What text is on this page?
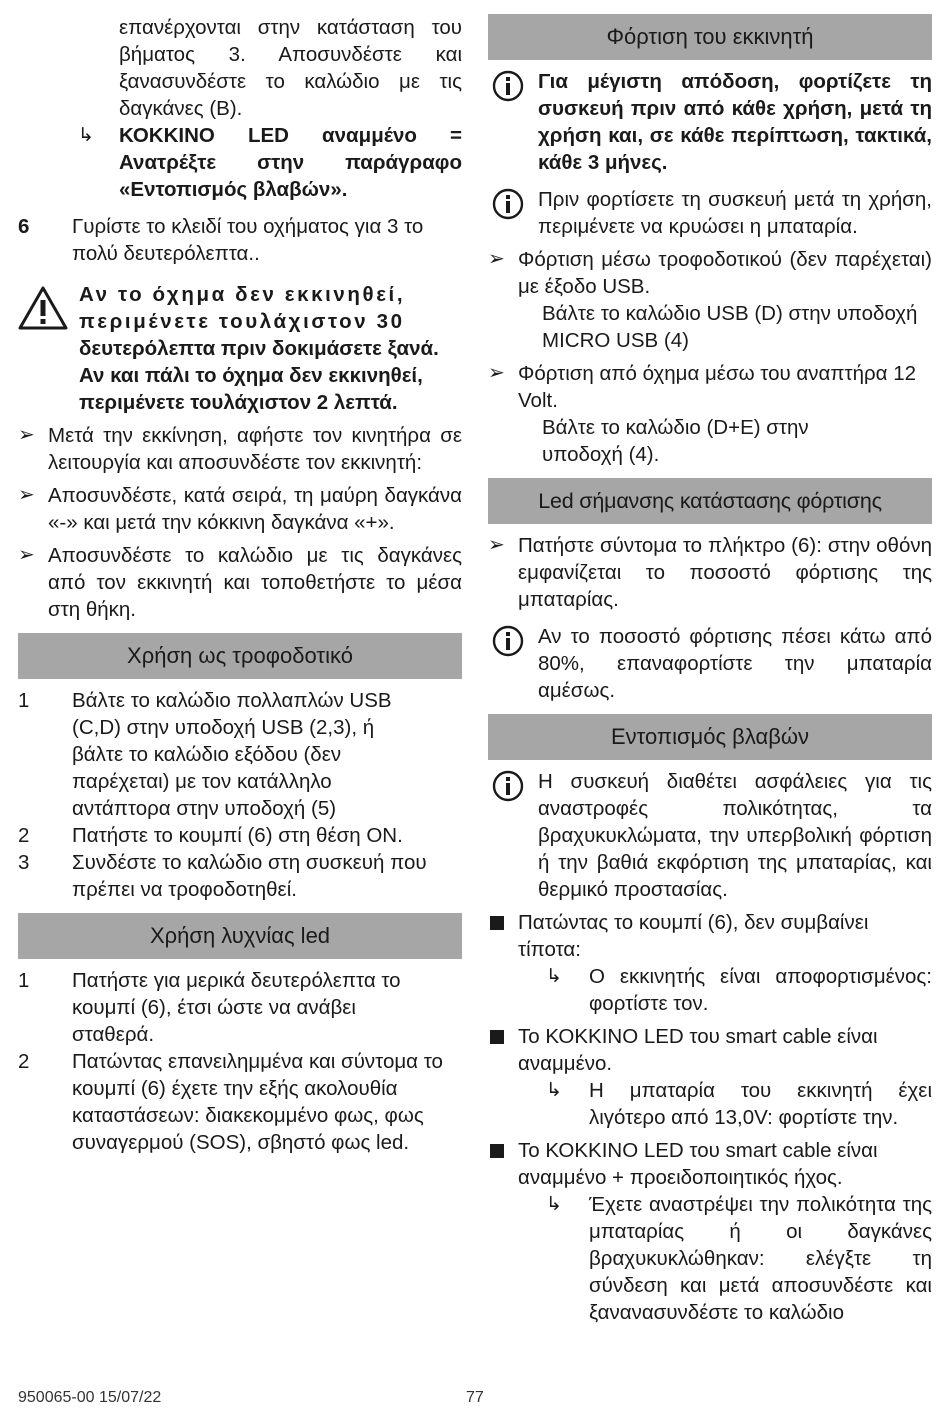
επανέρχονται στην κατάσταση του βήματος 3. Αποσυνδέστε και ξανασυνδέστε το καλώδιο με τις δαγκάνες (B).

↳ ΚΟΚΚΙΝΟ LED αναμμένο = Ανατρέξτε στην παράγραφο «Εντοπισμός βλαβών».

6 Γυρίστε το κλειδί του οχήματος για 3 το πολύ δευτερόλεπτα..

Αν το όχημα δεν εκκινηθεί,

περιμένετε τουλάχιστον 30

δευτερόλεπτα πριν δοκιμάσετε ξανά. Αν και πάλι το όχημα δεν εκκινηθεί, περιμένετε τουλάχιστον 2 λεπτά.

➢ Μετά την εκκίνηση, αφήστε τον κινητήρα σε λειτουργία και αποσυνδέστε τον εκκινητή:

➢ Αποσυνδέστε, κατά σειρά, τη μαύρη δαγκάνα «-» και μετά την κόκκινη δαγκάνα «+».

➢ Αποσυνδέστε το καλώδιο με τις δαγκάνες από τον εκκινητή και τοποθετήστε το μέσα στη θήκη.

Χρήση ως τροφοδοτικό
1 Βάλτε το καλώδιο πολλαπλών USB (C,D) στην υποδοχή USB (2,3), ή βάλτε το καλώδιο εξόδου (δεν παρέχεται) με τον κατάλληλο αντάπτορα στην υποδοχή (5)

2 Πατήστε το κουμπί (6) στη θέση ON.

3 Συνδέστε το καλώδιο στη συσκευή που πρέπει να τροφοδοτηθεί.

Χρήση λυχνίας led
1 Πατήστε για μερικά δευτερόλεπτα το κουμπί (6), έτσι ώστε να ανάβει σταθερά.

2 Πατώντας επανειλημμένα και σύντομα το κουμπί (6) έχετε την εξής ακολουθία καταστάσεων: διακεκομμένο φως, φως συναγερμού (SOS), σβηστό φως led.

Φόρτιση του εκκινητή

Για μέγιστη απόδοση, φορτίζετε τη συσκευή πριν από κάθε χρήση, μετά τη χρήση και, σε κάθε περίπτωση, τακτικά, κάθε 3 μήνες.

Πριν φορτίσετε τη συσκευή μετά τη χρήση, περιμένετε να κρυώσει η μπαταρία.

➢ Φόρτιση μέσω τροφοδοτικού (δεν παρέχεται) με έξοδο USB.

Βάλτε το καλώδιο USB (D) στην υποδοχή MICRO USB (4)

➢ Φόρτιση από όχημα μέσω του αναπτήρα 12 Volt.

Βάλτε το καλώδιο (D+E) στην υποδοχή (4).

Led σήμανσης κατάστασης φόρτισης
➢ Πατήστε σύντομα το πλήκτρο (6): στην οθόνη εμφανίζεται το ποσοστό φόρτισης της μπαταρίας.

Αν το ποσοστό φόρτισης πέσει κάτω από 80%, επαναφορτίστε την μπαταρία αμέσως.

Εντοπισμός βλαβών

Η συσκευή διαθέτει ασφάλειες για τις αναστροφές πολικότητας, τα βραχυκυκλώματα, την υπερβολική φόρτιση ή την βαθιά εκφόρτιση της μπαταρίας, και θερμικό προστασίας.

Πατώντας το κουμπί (6), δεν συμβαίνει τίποτα:

↳ Ο εκκινητής είναι αποφορτισμένος: φορτίστε τον.

Το ΚΟΚΚΙΝΟ LED του smart cable είναι αναμμένο.

↳ Η μπαταρία του εκκινητή έχει λιγότερο από 13,0V: φορτίστε την.

Το ΚΟΚΚΙΝΟ LED του smart cable είναι αναμμένο + προειδοποιητικός ήχος.

↳ Έχετε αναστρέψει την πολικότητα της μπαταρίας ή οι δαγκάνες βραχυκυκλώθηκαν: ελέγξτε τη σύνδεση και μετά αποσυνδέστε και ξανανασυνδέστε το καλώδιο

950065-00 15/07/22	77
